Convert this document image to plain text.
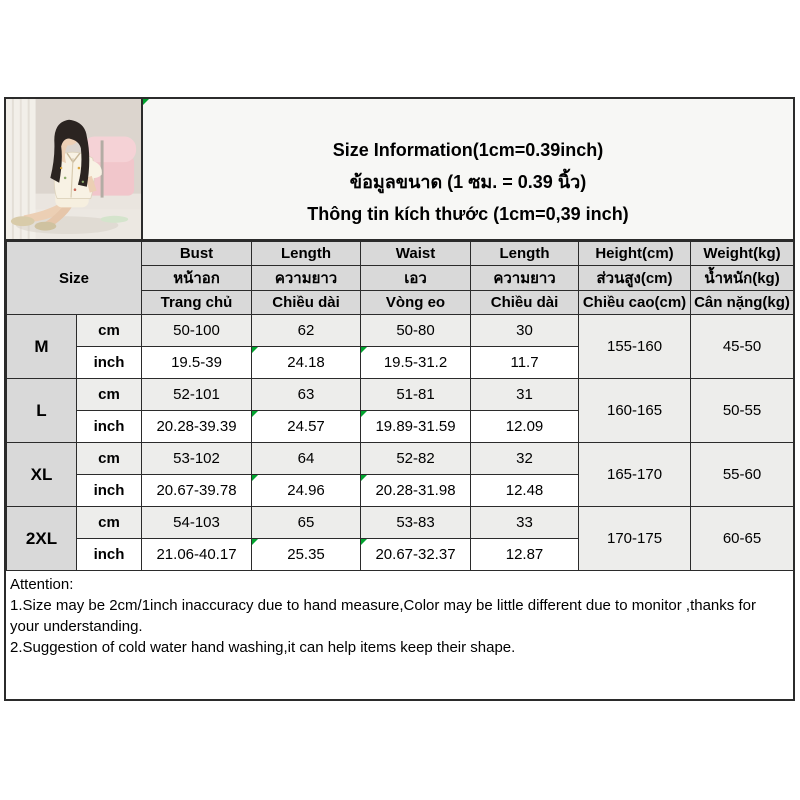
Size Information(1cm=0.39inch)
ข้อมูลขนาด (1 ซม. = 0.39 นิ้ว)
Thông tin kích thước (1cm=0,39 inch)
Size		Bust	Length	Waist	Length	Height(cm)	Weight(kg)
		หน้าอก	ความยาว	เอว	ความยาว	ส่วนสูง(cm)	น้ำหนัก(kg)
		Trang chủ	Chiều dài	Vòng eo	Chiều dài	Chiều cao(cm)	Cân nặng(kg)
M	cm	50-100	62	50-80	30	155-160	45-50
	inch	19.5-39	24.18	19.5-31.2	11.7		
L	cm	52-101	63	51-81	31	160-165	50-55
	inch	20.28-39.39	24.57	19.89-31.59	12.09		
XL	cm	53-102	64	52-82	32	165-170	55-60
	inch	20.67-39.78	24.96	20.28-31.98	12.48		
2XL	cm	54-103	65	53-83	33	170-175	60-65
	inch	21.06-40.17	25.35	20.67-32.37	12.87		
Attention:
1.Size may be 2cm/1inch inaccuracy due to hand measure,Color may be little different due to monitor ,thanks for your understanding.
2.Suggestion of cold water hand washing,it can help items keep their shape.
